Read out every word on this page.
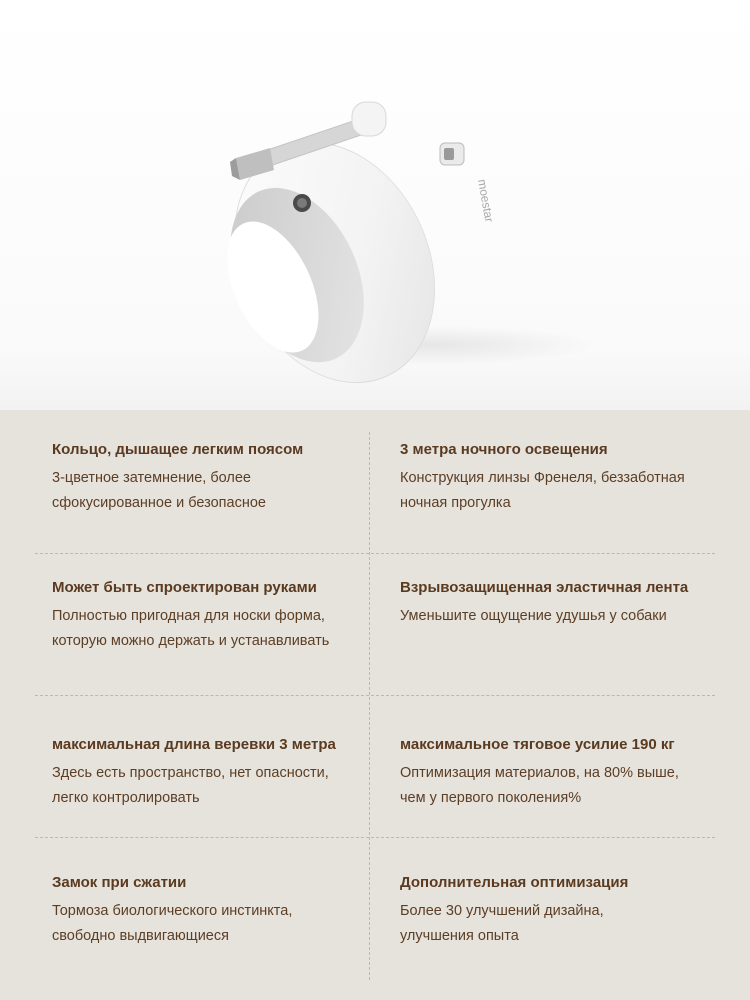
moestar
Кольцо, дышащее легким поясом
3-цветное затемнение, более
сфокусированное и безопасное
3 метра ночного освещения
Конструкция линзы Френеля, беззаботная
ночная прогулка
Может быть спроектирован руками
Полностью пригодная для носки форма,
которую можно держать и устанавливать
Взрывозащищенная эластичная лента
Уменьшите ощущение удушья у собаки
максимальная длина веревки 3 метра
Здесь есть пространство, нет опасности,
легко контролировать
максимальное тяговое усилие 190 кг
Оптимизация материалов, на 80% выше,
чем у первого поколения%
Замок при сжатии
Тормоза биологического инстинкта,
свободно выдвигающиеся
Дополнительная оптимизация
Более 30 улучшений дизайна,
улучшения опыта
